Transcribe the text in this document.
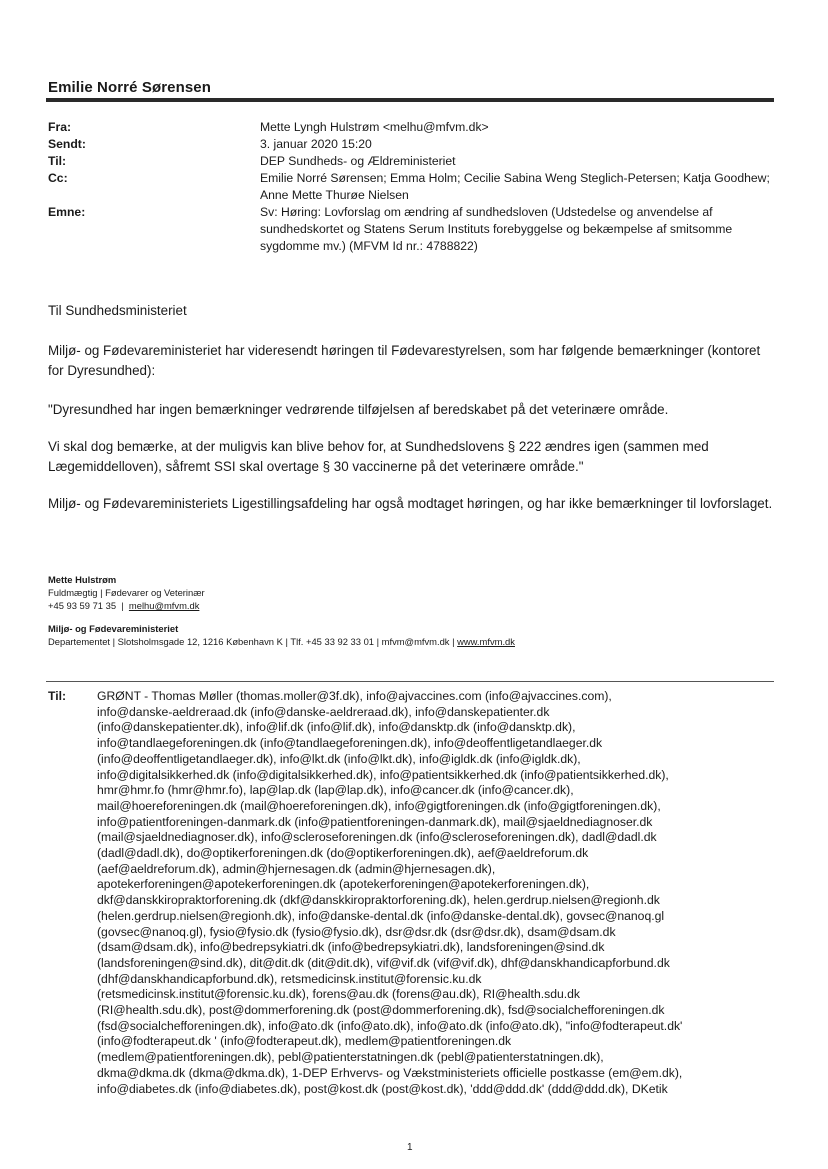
Emilie Norré Sørensen
Fra:	Mette Lyngh Hulstrøm <melhu@mfvm.dk>
Sendt:	3. januar 2020 15:20
Til:	DEP Sundheds- og Ældreministeriet
Cc:	Emilie Norré Sørensen; Emma Holm; Cecilie Sabina Weng Steglich-Petersen; Katja Goodhew; Anne Mette Thurøe Nielsen
Emne:	Sv: Høring: Lovforslag om ændring af sundhedsloven (Udstedelse og anvendelse af sundhedskortet og Statens Serum Instituts forebyggelse og bekæmpelse af smitsomme sygdomme mv.) (MFVM Id nr.: 4788822)

Til Sundhedsministeriet

Miljø- og Fødevareministeriet har videresendt høringen til Fødevarestyrelsen, som har følgende bemærkninger (kontoret for Dyresundhed):

"Dyresundhed har ingen bemærkninger vedrørende tilføjelsen af beredskabet på det veterinære område.

Vi skal dog bemærke, at der muligvis kan blive behov for, at Sundhedslovens § 222 ændres igen (sammen med Lægemiddelloven), såfremt SSI skal overtage § 30 vaccinerne på det veterinære område."

Miljø- og Fødevareministeriets Ligestillingsafdeling har også modtaget høringen, og har ikke bemærkninger til lovforslaget.

Mette Hulstrøm
Fuldmægtig | Fødevarer og Veterinær
+45 93 59 71 35 | melhu@mfvm.dk
Miljø- og Fødevareministeriet
Departementet | Slotsholmsgade 12, 1216 København K | Tlf. +45 33 92 33 01 | mfvm@mfvm.dk | www.mfvm.dk
Til:	GRØNT - Thomas Møller (thomas.moller@3f.dk), info@ajvaccines.com (info@ajvaccines.com),
info@danske-aeldreraad.dk (info@danske-aeldreraad.dk), info@danskepatienter.dk
(info@danskepatienter.dk), info@lif.dk (info@lif.dk), info@dansktp.dk (info@dansktp.dk),
info@tandlaegeforeningen.dk (info@tandlaegeforeningen.dk), info@deoffentligetandlaeger.dk
(info@deoffentligetandlaeger.dk), info@lkt.dk (info@lkt.dk), info@igldk.dk (info@igldk.dk),
info@digitalsikkerhed.dk (info@digitalsikkerhed.dk), info@patientsikkerhed.dk (info@patientsikkerhed.dk),
hmr@hmr.fo (hmr@hmr.fo), lap@lap.dk (lap@lap.dk), info@cancer.dk (info@cancer.dk),
mail@hoereforeningen.dk (mail@hoereforeningen.dk), info@gigtforeningen.dk (info@gigtforeningen.dk),
info@patientforeningen-danmark.dk (info@patientforeningen-danmark.dk), mail@sjaeldnediagnoser.dk
(mail@sjaeldnediagnoser.dk), info@scleroseforeningen.dk (info@scleroseforeningen.dk), dadl@dadl.dk
(dadl@dadl.dk), do@optikerforeningen.dk (do@optikerforeningen.dk), aef@aeldreforum.dk
(aef@aeldreforum.dk), admin@hjernesagen.dk (admin@hjernesagen.dk),
apotekerforeningen@apotekerforeningen.dk (apotekerforeningen@apotekerforeningen.dk),
dkf@danskkiropraktorforening.dk (dkf@danskkiropraktorforening.dk), helen.gerdrup.nielsen@regionh.dk
(helen.gerdrup.nielsen@regionh.dk), info@danske-dental.dk (info@danske-dental.dk), govsec@nanoq.gl
(govsec@nanoq.gl), fysio@fysio.dk (fysio@fysio.dk), dsr@dsr.dk (dsr@dsr.dk), dsam@dsam.dk
(dsam@dsam.dk), info@bedrepsykiatri.dk (info@bedrepsykiatri.dk), landsforeningen@sind.dk
(landsforeningen@sind.dk), dit@dit.dk (dit@dit.dk), vif@vif.dk (vif@vif.dk), dhf@danskhandicapforbund.dk
(dhf@danskhandicapforbund.dk), retsmedicinsk.institut@forensic.ku.dk
(retsmedicinsk.institut@forensic.ku.dk), forens@au.dk (forens@au.dk), RI@health.sdu.dk
(RI@health.sdu.dk), post@dommerforening.dk (post@dommerforening.dk), fsd@socialchefforeningen.dk
(fsd@socialchefforeningen.dk), info@ato.dk (info@ato.dk), info@ato.dk (info@ato.dk), "info@fodterapeut.dk'
(info@fodterapeut.dk ' (info@fodterapeut.dk), medlem@patientforeningen.dk
(medlem@patientforeningen.dk), pebl@patienterstatningen.dk (pebl@patienterstatningen.dk),
dkma@dkma.dk (dkma@dkma.dk), 1-DEP Erhvervs- og Vækstministeriets officielle postkasse (em@em.dk),
info@diabetes.dk (info@diabetes.dk), post@kost.dk (post@kost.dk), 'ddd@ddd.dk' (ddd@ddd.dk), DKetik
1
